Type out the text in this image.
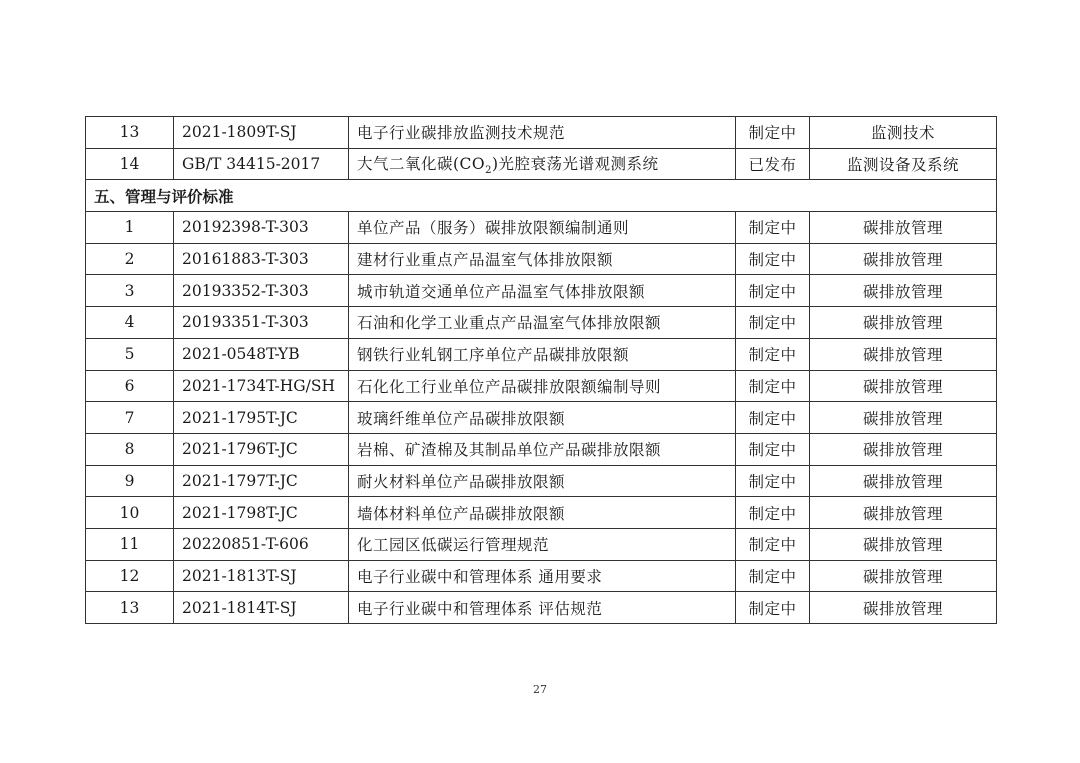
13	2021-1809T-SJ	电子行业碳排放监测技术规范	制定中	监测技术
14	GB/T 34415-2017	大气二氧化碳$(CO_2)$光腔衰荡光谱观测系统	已发布	监测设备及系统
五、管理与评价标准				
1	20192398-T-303	单位产品（服务）碳排放限额编制通则	制定中	碳排放管理
2	20161883-T-303	建材行业重点产品温室气体排放限额	制定中	碳排放管理
3	20193352-T-303	城市轨道交通单位产品温室气体排放限额	制定中	碳排放管理
4	20193351-T-303	石油和化学工业重点产品温室气体排放限额	制定中	碳排放管理
5	2021-0548T-YB	钢铁行业轧钢工序单位产品碳排放限额	制定中	碳排放管理
6	2021-1734T-HG/SH	石化化工行业单位产品碳排放限额编制导则	制定中	碳排放管理
7	2021-1795T-JC	玻璃纤维单位产品碳排放限额	制定中	碳排放管理
8	2021-1796T-JC	岩棉、矿渣棉及其制品单位产品碳排放限额	制定中	碳排放管理
9	2021-1797T-JC	耐火材料单位产品碳排放限额	制定中	碳排放管理
10	2021-1798T-JC	墙体材料单位产品碳排放限额	制定中	碳排放管理
11	20220851-T-606	化工园区低碳运行管理规范	制定中	碳排放管理
12	2021-1813T-SJ	电子行业碳中和管理体系 通用要求	制定中	碳排放管理
13	2021-1814T-SJ	电子行业碳中和管理体系 评估规范	制定中	碳排放管理
27
